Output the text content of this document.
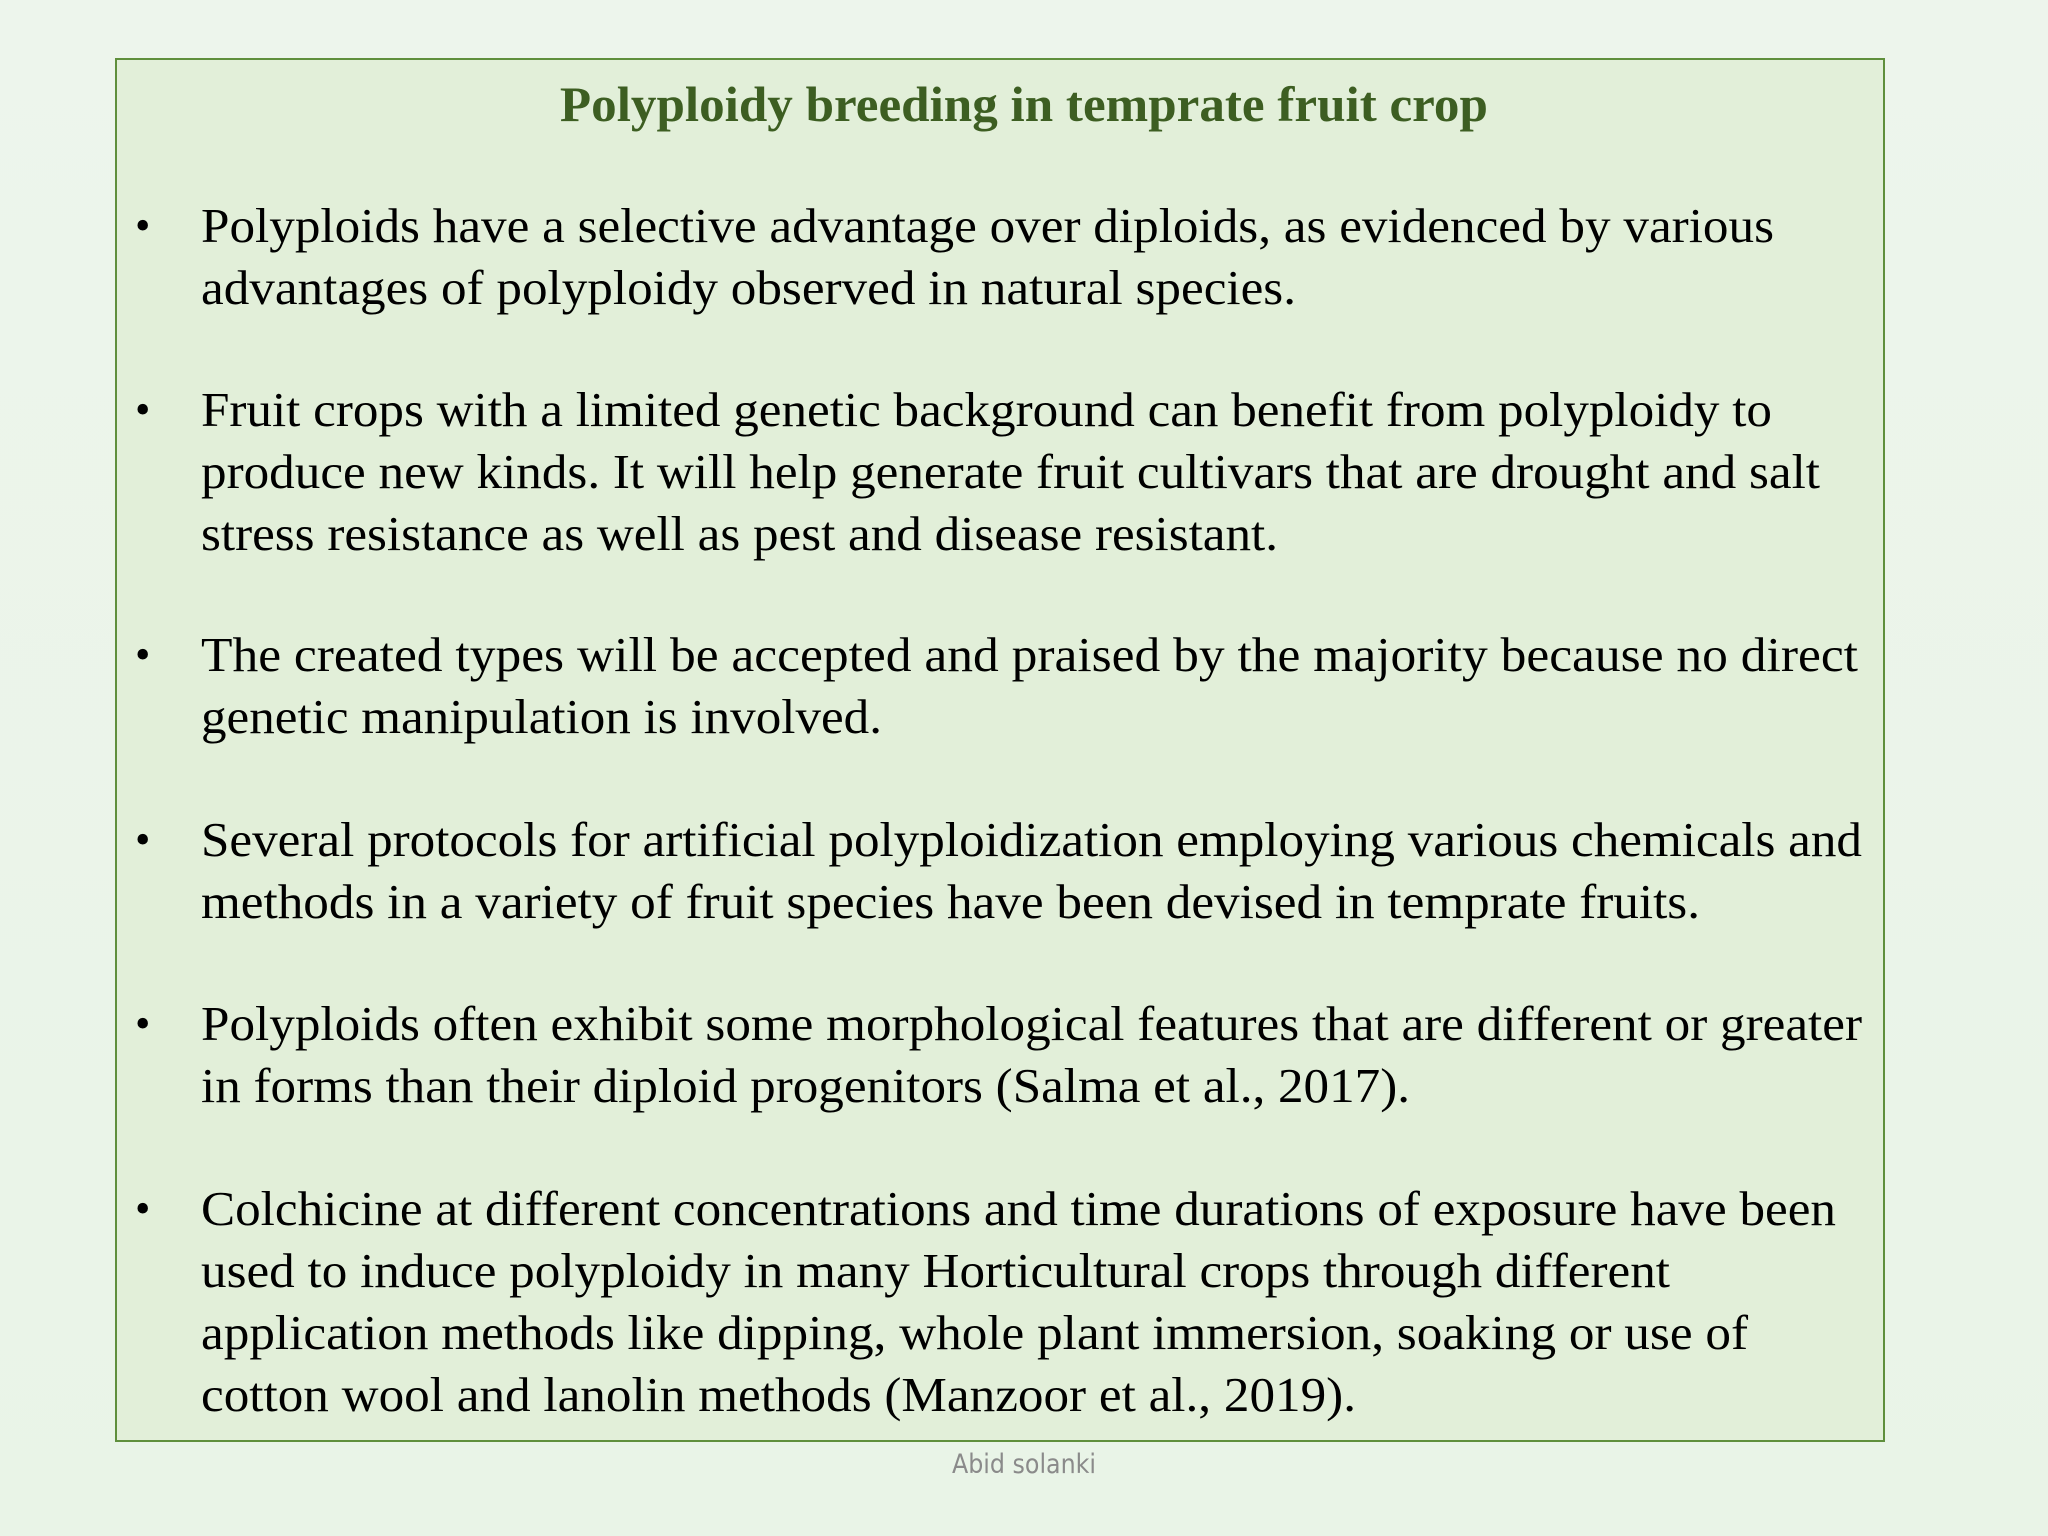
Polyploidy breeding in temprate fruit crop
• Polyploids have a selective advantage over diploids, as evidenced by various
advantages of polyploidy observed in natural species.
• Fruit crops with a limited genetic background can benefit from polyploidy to
produce new kinds. It will help generate fruit cultivars that are drought and salt
stress resistance as well as pest and disease resistant.
• The created types will be accepted and praised by the majority because no direct
genetic manipulation is involved.
• Several protocols for artificial polyploidization employing various chemicals and
methods in a variety of fruit species have been devised in temprate fruits.
• Polyploids often exhibit some morphological features that are different or greater
in forms than their diploid progenitors (Salma et al., 2017).
• Colchicine at different concentrations and time durations of exposure have been
used to induce polyploidy in many Horticultural crops through different
application methods like dipping, whole plant immersion, soaking or use of
cotton wool and lanolin methods (Manzoor et al., 2019).
Abid solanki
